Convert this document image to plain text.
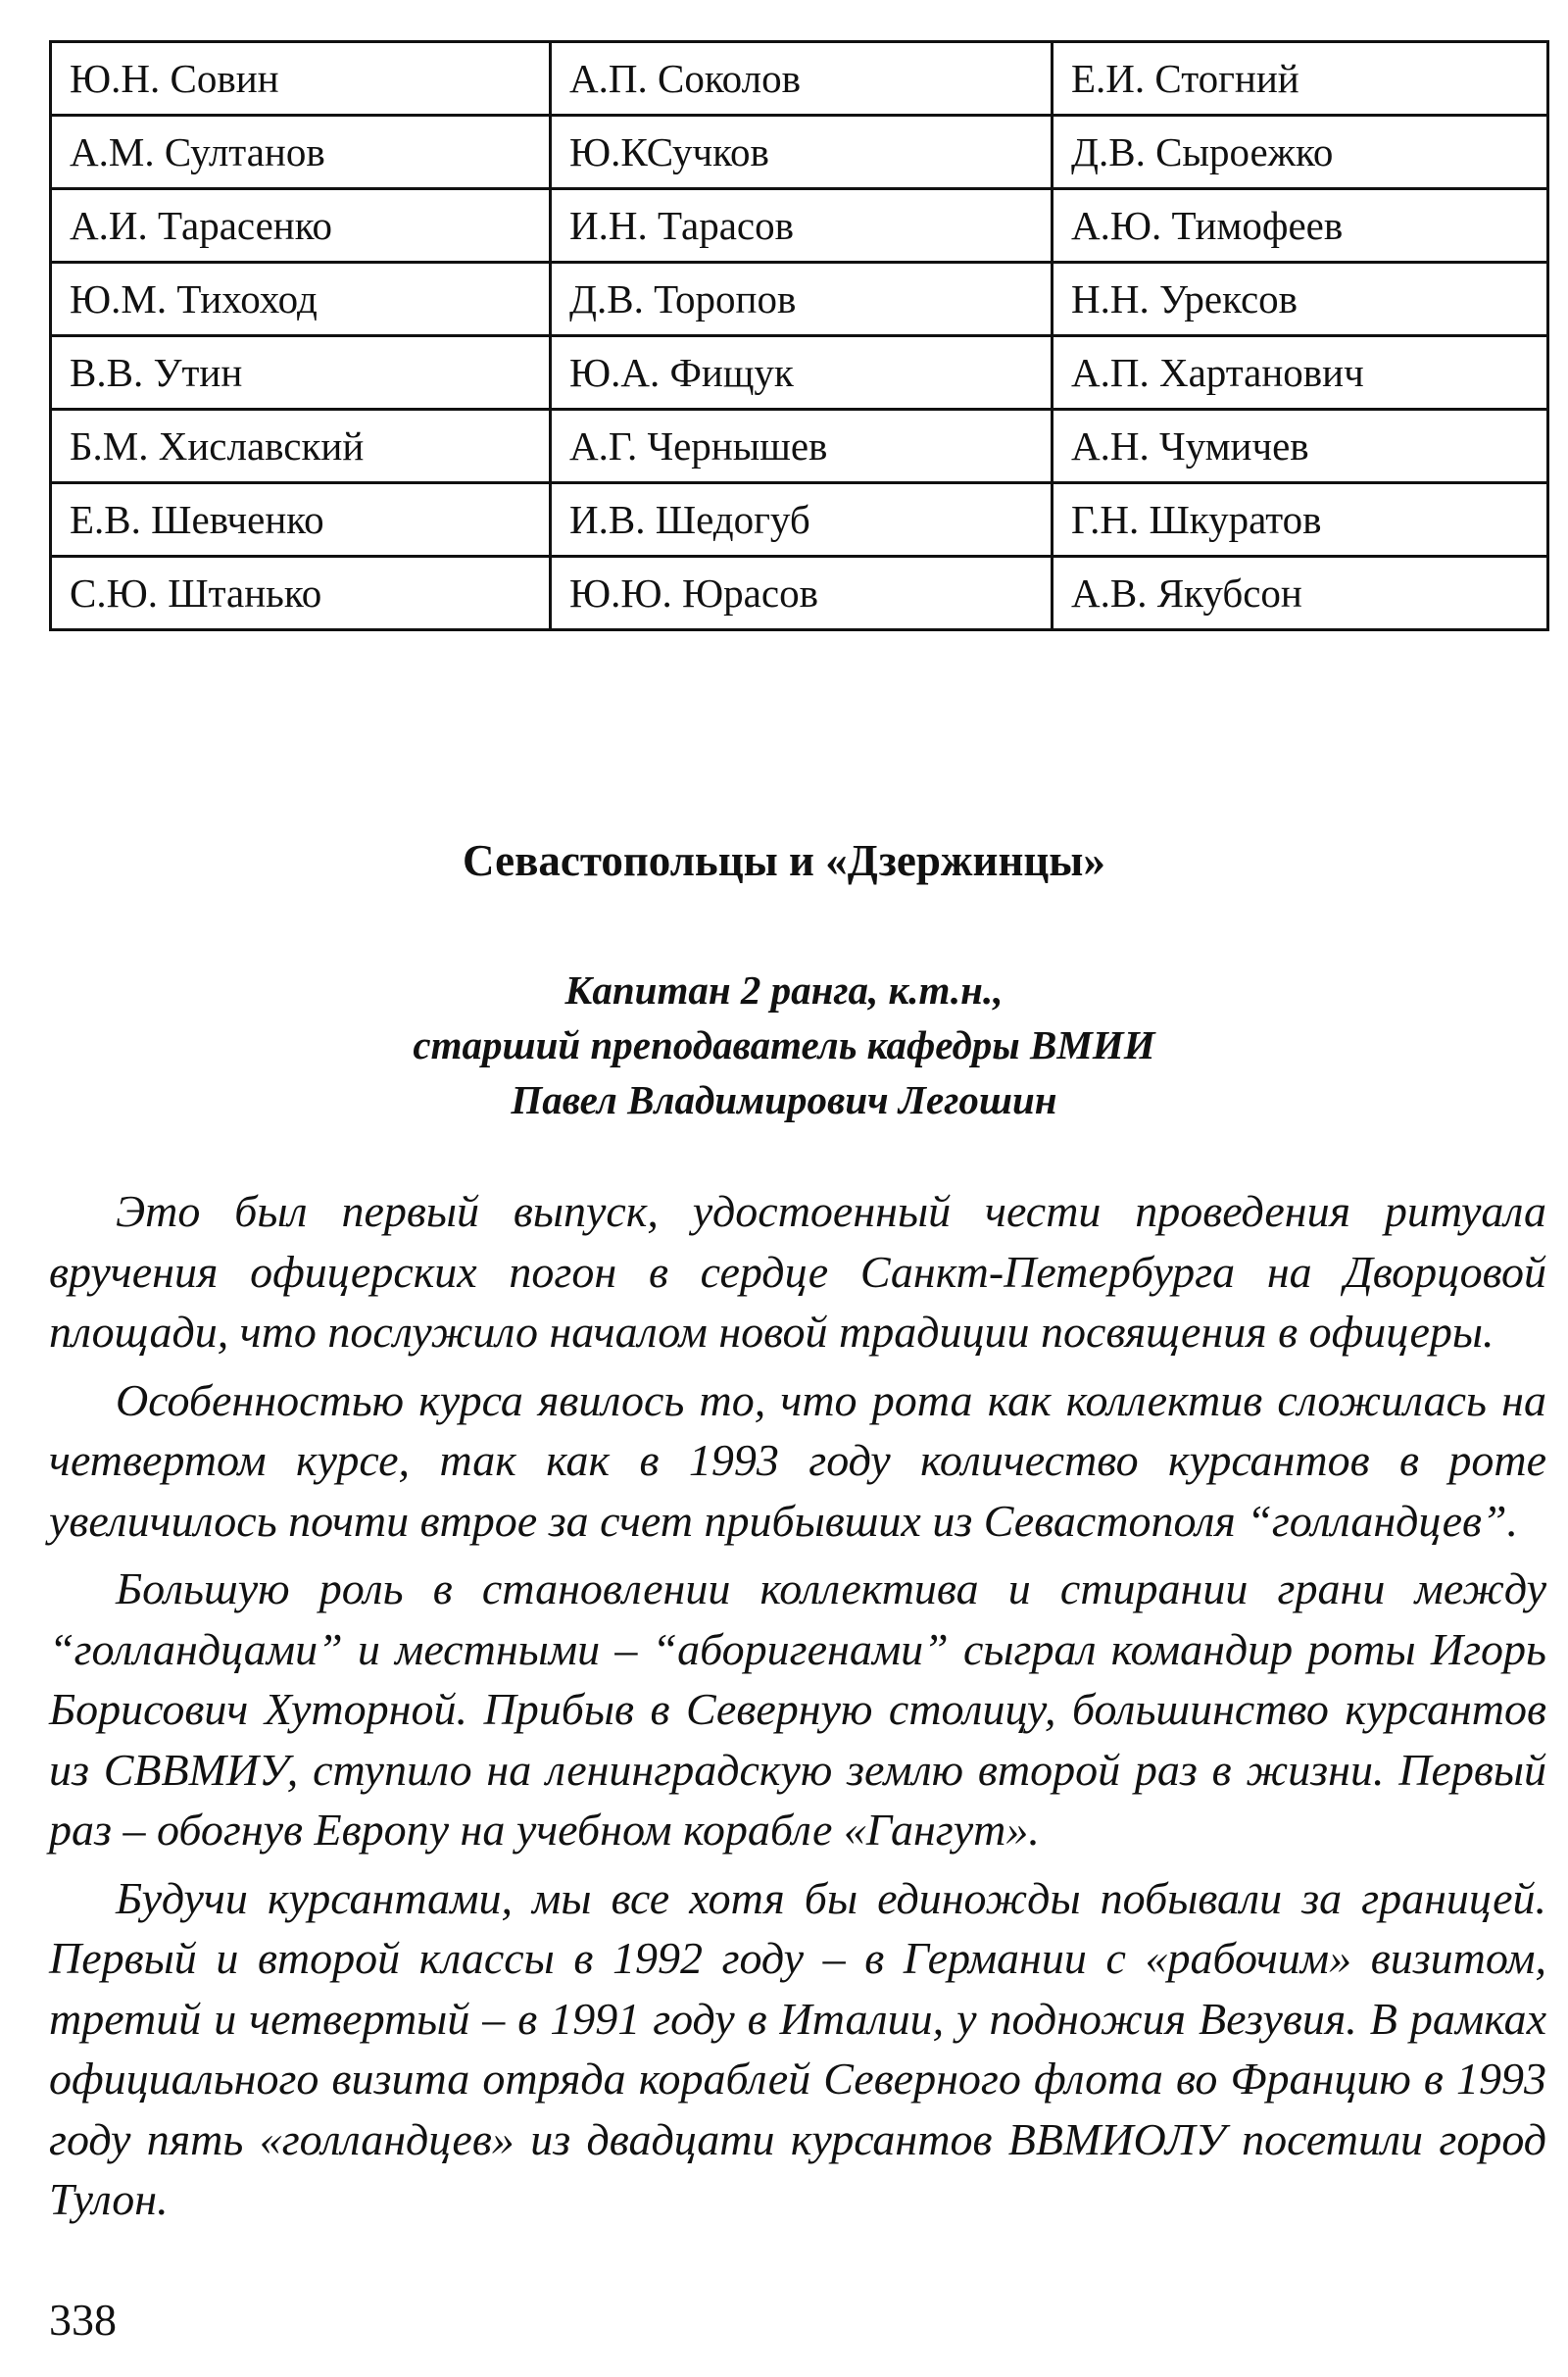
Ю.Н. Совин	А.П. Соколов	Е.И. Стогний
А.М. Султанов	Ю.КСучков	Д.В. Сыроежко
А.И. Тарасенко	И.Н. Тарасов	А.Ю. Тимофеев
Ю.М. Тихоход	Д.В. Торопов	Н.Н. Урексов
В.В. Утин	Ю.А. Фищук	А.П. Хартанович
Б.М. Хиславский	А.Г. Чернышев	А.Н. Чумичев
Е.В. Шевченко	И.В. Шедогуб	Г.Н. Шкуратов
С.Ю. Штанько	Ю.Ю. Юрасов	А.В. Якубсон
Севастопольцы и «Дзержинцы»
Капитан 2 ранга, к.т.н.,
старший преподаватель кафедры ВМИИ
Павел Владимирович Легошин

Это был первый выпуск, удостоенный чести проведения ритуала вручения офицерских погон в сердце Санкт-Петербурга на Дворцовой площади, что послужило началом новой традиции посвящения в офицеры.

Особенностью курса явилось то, что рота как коллектив сложилась на четвертом курсе, так как в 1993 году количество курсантов в роте увеличилось почти втрое за счет прибывших из Севастополя “голландцев”.

Большую роль в становлении коллектива и стирании грани между “голландцами” и местными – “аборигенами” сыграл командир роты Игорь Борисович Хуторной. Прибыв в Северную столицу, большинство курсантов из СВВМИУ, ступило на ленинградскую землю второй раз в жизни. Первый раз – обогнув Европу на учебном корабле «Гангут».

Будучи курсантами, мы все хотя бы единожды побывали за границей. Первый и второй классы в 1992 году – в Германии с «рабочим» визитом, третий и четвертый – в 1991 году в Италии, у подножия Везувия. В рамках официального визита отряда кораблей Северного флота во Францию в 1993 году пять «голландцев» из двадцати курсантов ВВМИОЛУ посетили город Тулон.

338
